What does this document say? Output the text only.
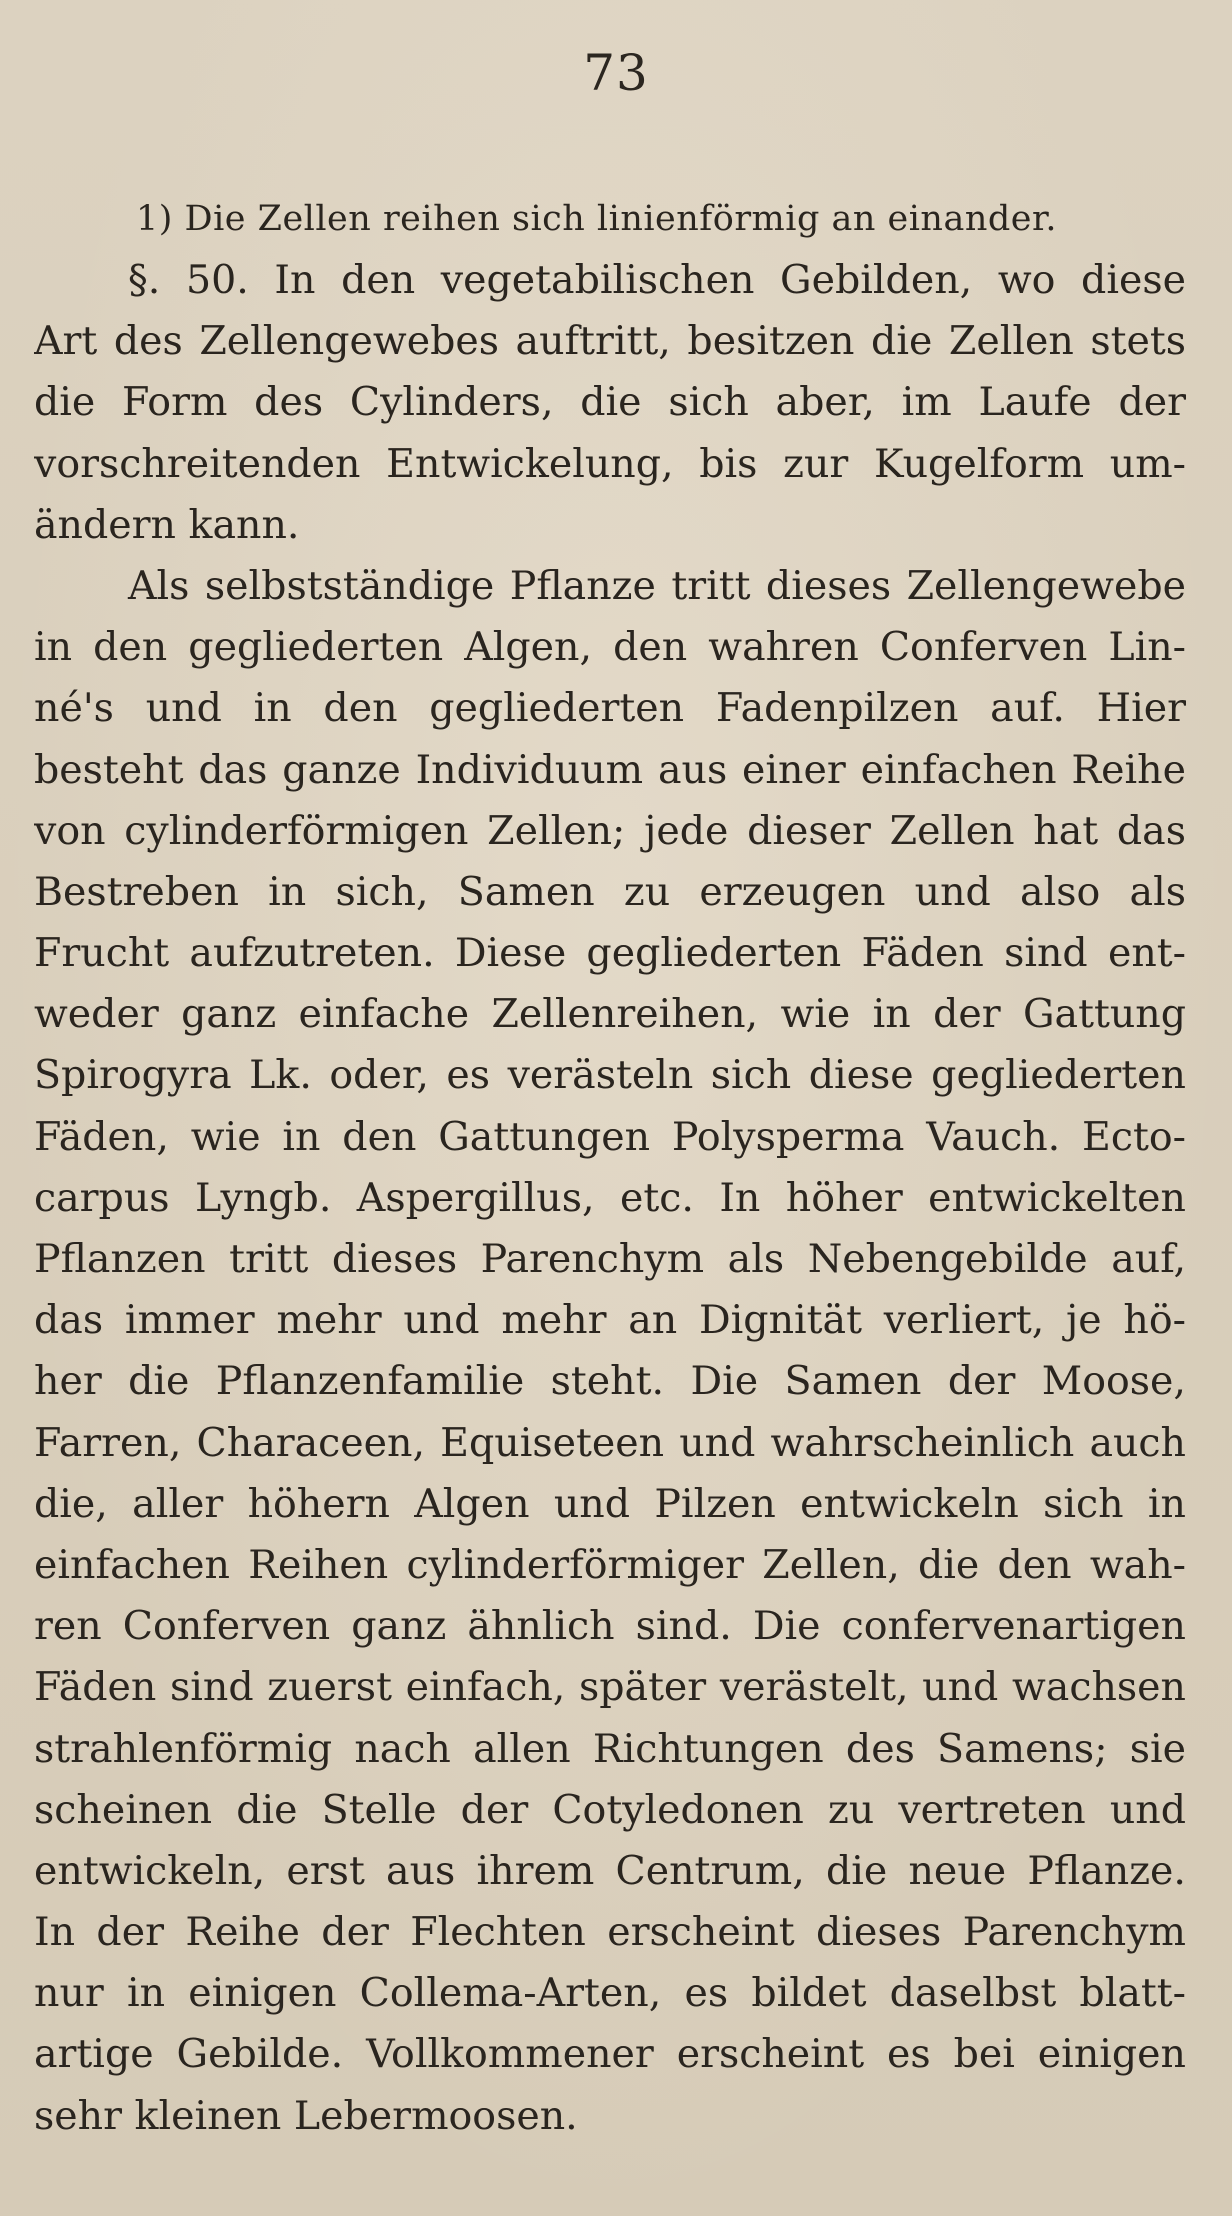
73
1) Die Zellen reihen sich linienförmig an einander.
§. 50. In den vegetabilischen Gebilden, wo diese
Art des Zellengewebes auftritt, besitzen die Zellen stets
die Form des Cylinders, die sich aber, im Laufe der
vorschreitenden Entwickelung, bis zur Kugelform um-
ändern kann.
Als selbstständige Pflanze tritt dieses Zellengewebe
in den gegliederten Algen, den wahren Conferven Lin-
né's und in den gegliederten Fadenpilzen auf. Hier
besteht das ganze Individuum aus einer einfachen Reihe
von cylinderförmigen Zellen; jede dieser Zellen hat das
Bestreben in sich, Samen zu erzeugen und also als
Frucht aufzutreten. Diese gegliederten Fäden sind ent-
weder ganz einfache Zellenreihen, wie in der Gattung
Spirogyra Lk. oder, es verästeln sich diese gegliederten
Fäden, wie in den Gattungen Polysperma Vauch. Ecto-
carpus Lyngb. Aspergillus, etc. In höher entwickelten
Pflanzen tritt dieses Parenchym als Nebengebilde auf,
das immer mehr und mehr an Dignität verliert, je hö-
her die Pflanzenfamilie steht. Die Samen der Moose,
Farren, Characeen, Equiseteen und wahrscheinlich auch
die, aller höhern Algen und Pilzen entwickeln sich in
einfachen Reihen cylinderförmiger Zellen, die den wah-
ren Conferven ganz ähnlich sind. Die confervenartigen
Fäden sind zuerst einfach, später verästelt, und wachsen
strahlenförmig nach allen Richtungen des Samens; sie
scheinen die Stelle der Cotyledonen zu vertreten und
entwickeln, erst aus ihrem Centrum, die neue Pflanze.
In der Reihe der Flechten erscheint dieses Parenchym
nur in einigen Collema-Arten, es bildet daselbst blatt-
artige Gebilde. Vollkommener erscheint es bei einigen
sehr kleinen Lebermoosen.
